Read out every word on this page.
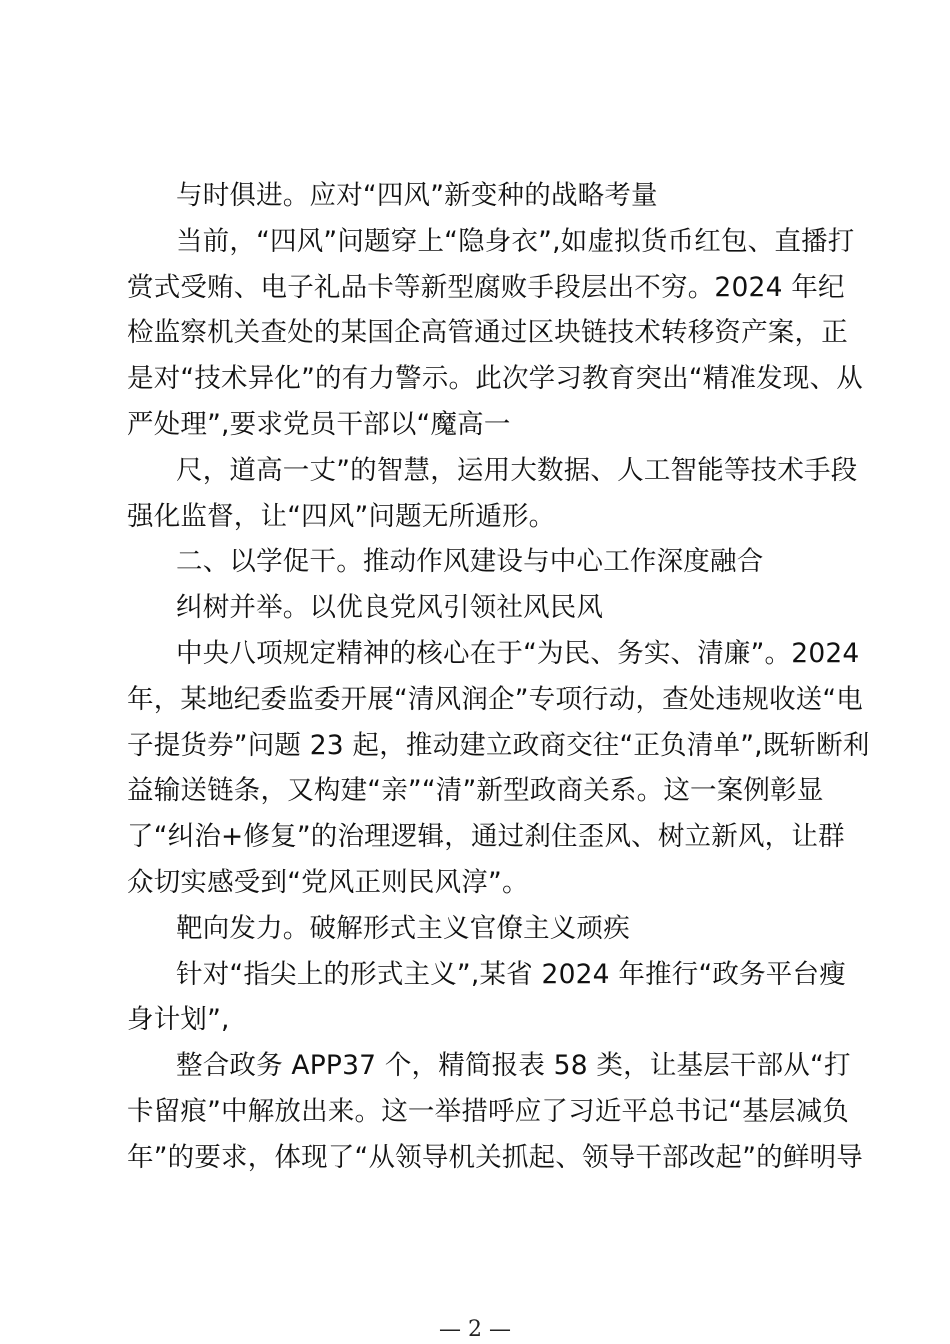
与时俱进。应对“四风”新变种的战略考量
当前，“四风”问题穿上“隐身衣”,如虚拟货币红包、直播打
赏式受贿、电子礼品卡等新型腐败手段层出不穷。2024 年纪
检监察机关查处的某国企高管通过区块链技术转移资产案，正
是对“技术异化”的有力警示。此次学习教育突出“精准发现、从
严处理”,要求党员干部以“魔高一
尺，道高一丈”的智慧，运用大数据、人工智能等技术手段
强化监督，让“四风”问题无所遁形。
二、以学促干。推动作风建设与中心工作深度融合
纠树并举。以优良党风引领社风民风
中央八项规定精神的核心在于“为民、务实、清廉”。2024
年，某地纪委监委开展“清风润企”专项行动，查处违规收送“电
子提货券”问题 23 起，推动建立政商交往“正负清单”,既斩断利
益输送链条，又构建“亲”“清”新型政商关系。这一案例彰显
了“纠治+修复”的治理逻辑，通过刹住歪风、树立新风，让群
众切实感受到“党风正则民风淳”。
靶向发力。破解形式主义官僚主义顽疾
针对“指尖上的形式主义”,某省 2024 年推行“政务平台瘦
身计划”,
整合政务 APP37 个，精简报表 58 类，让基层干部从“打
卡留痕”中解放出来。这一举措呼应了习近平总书记“基层减负
年”的要求，体现了“从领导机关抓起、领导干部改起”的鲜明导
— 2 —
